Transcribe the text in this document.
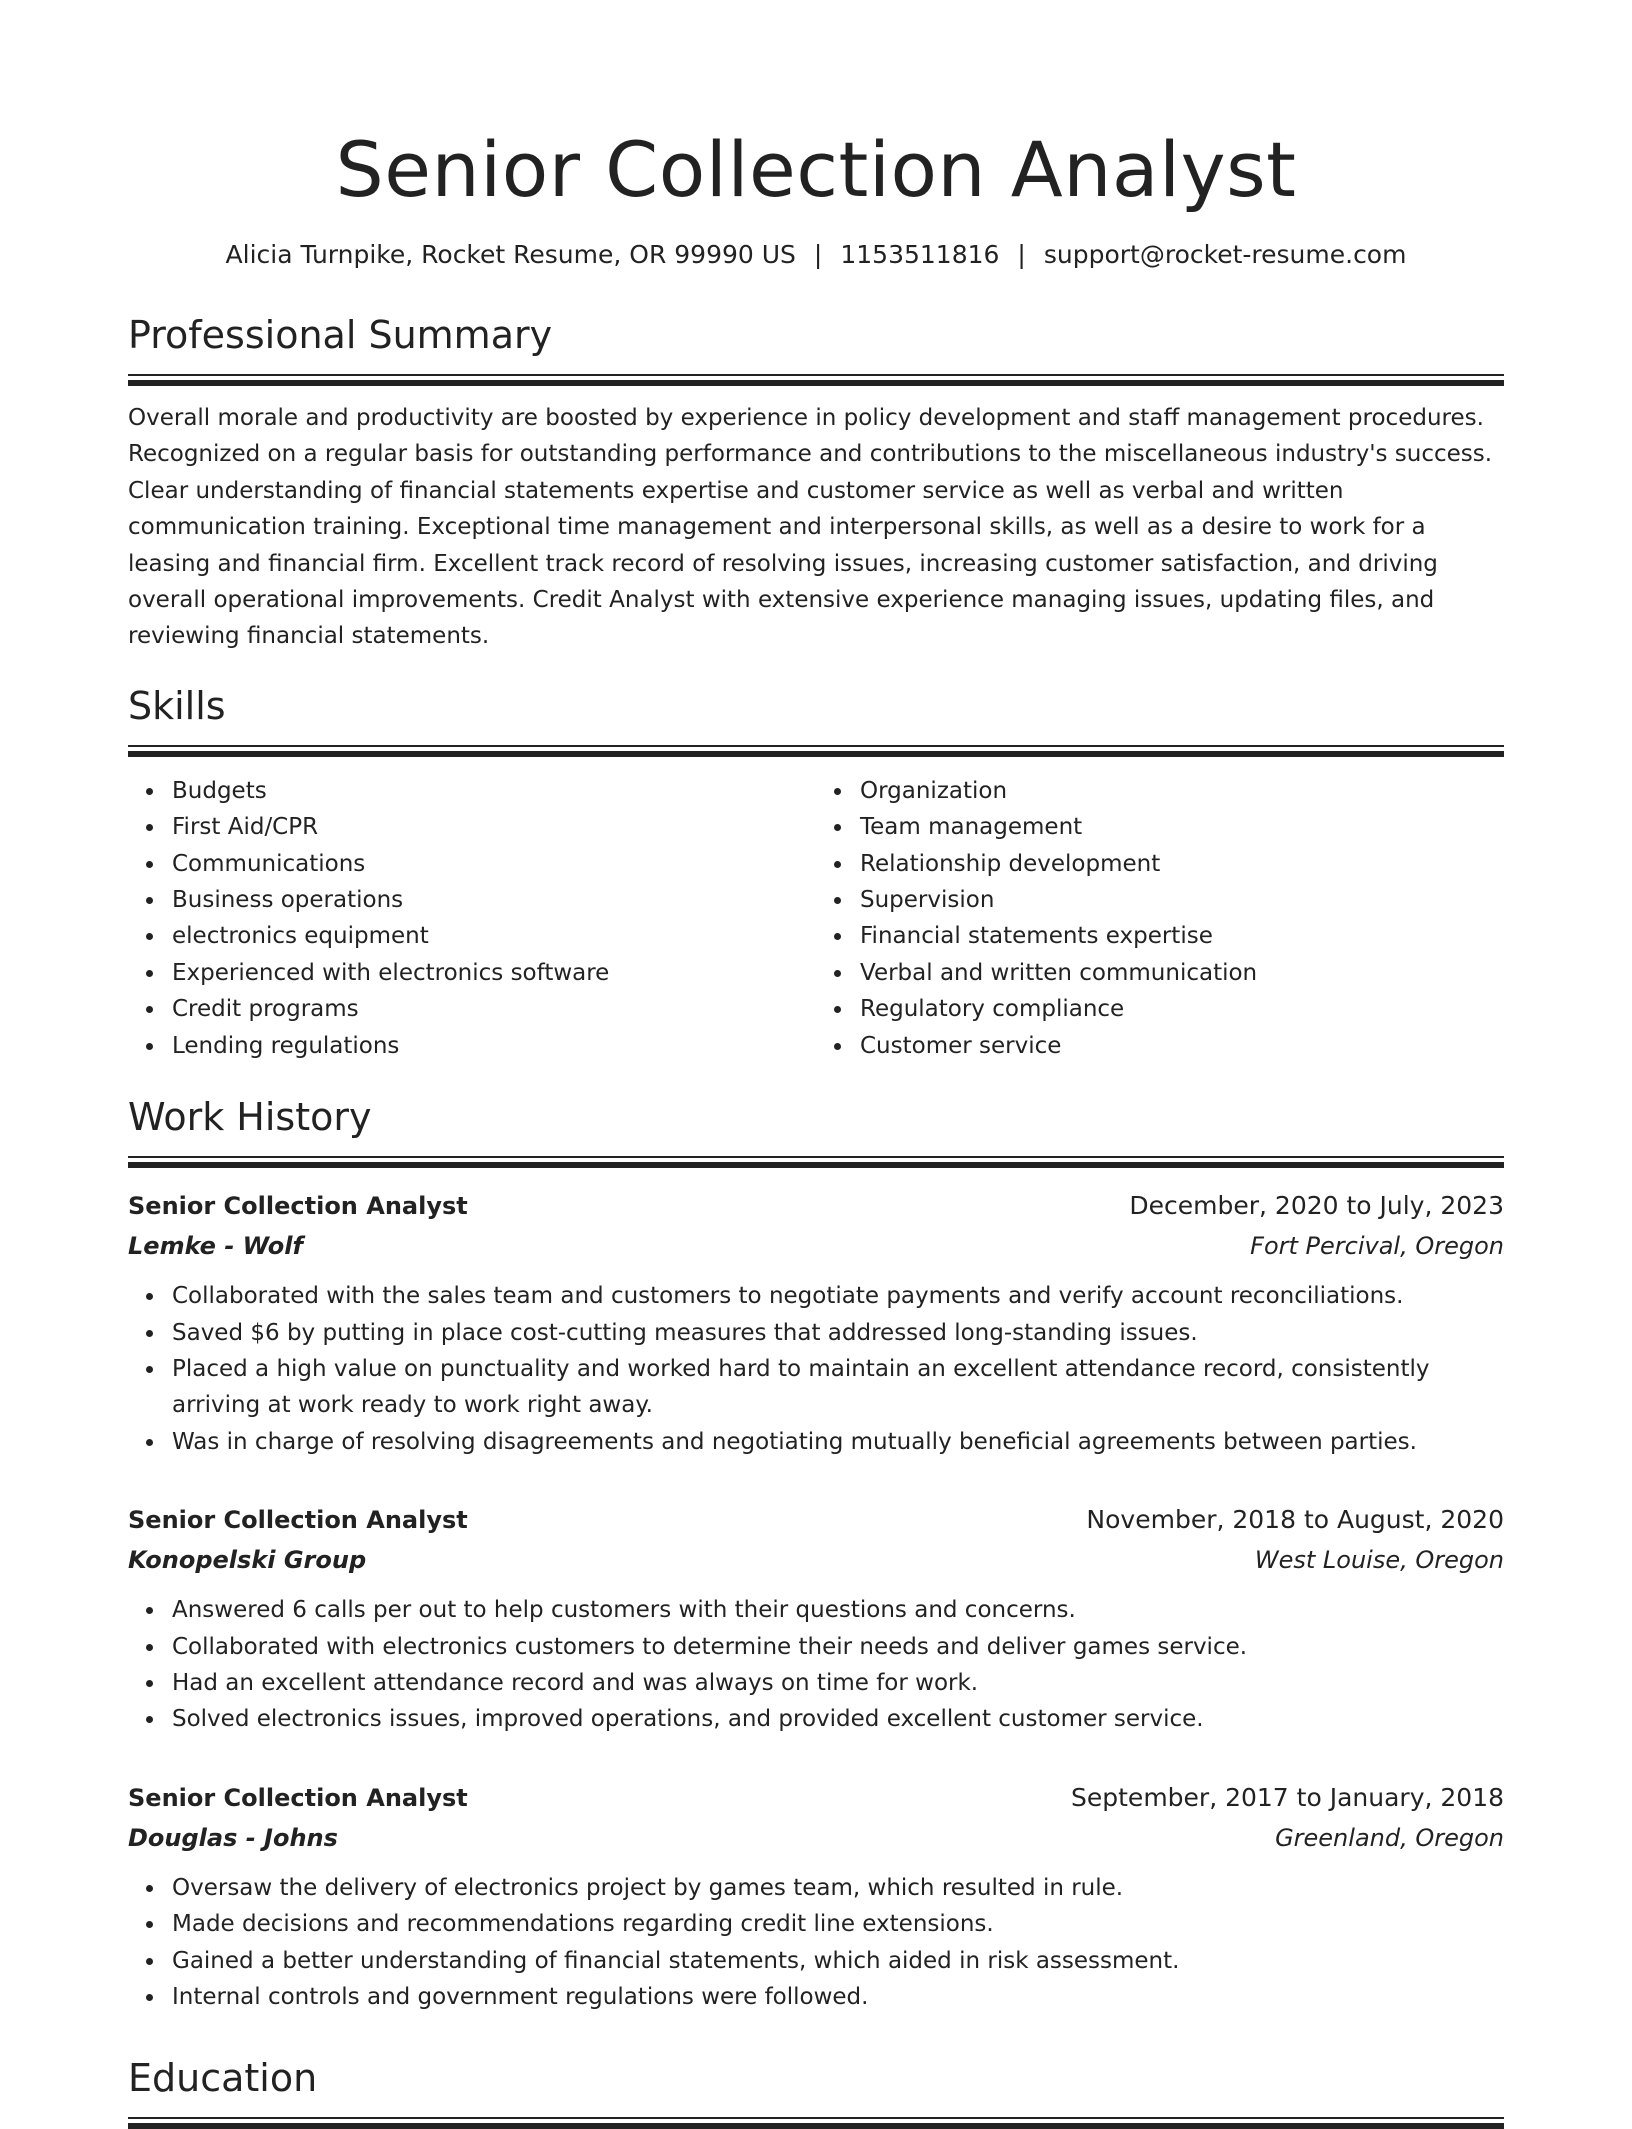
Senior Collection Analyst
Alicia Turnpike, Rocket Resume, OR 99990 US | 1153511816 | support@rocket-resume.com
Professional Summary

Overall morale and productivity are boosted by experience in policy development and staff management procedures. Recognized on a regular basis for outstanding performance and contributions to the miscellaneous industry's success. Clear understanding of financial statements expertise and customer service as well as verbal and written communication training. Exceptional time management and interpersonal skills, as well as a desire to work for a leasing and financial firm. Excellent track record of resolving issues, increasing customer satisfaction, and driving overall operational improvements. Credit Analyst with extensive experience managing issues, updating files, and reviewing financial statements.

Skills
Budgets
First Aid/CPR
Communications
Business operations
electronics equipment
Experienced with electronics software
Credit programs
Lending regulations
Organization
Team management
Relationship development
Supervision
Financial statements expertise
Verbal and written communication
Regulatory compliance
Customer service
Work History
Senior Collection Analyst	December, 2020 to July, 2023
Lemke - Wolf	Fort Percival, Oregon
Collaborated with the sales team and customers to negotiate payments and verify account reconciliations.
Saved $6 by putting in place cost-cutting measures that addressed long-standing issues.
Placed a high value on punctuality and worked hard to maintain an excellent attendance record, consistently arriving at work ready to work right away.
Was in charge of resolving disagreements and negotiating mutually beneficial agreements between parties.
Senior Collection Analyst	November, 2018 to August, 2020
Konopelski Group	West Louise, Oregon
Answered 6 calls per out to help customers with their questions and concerns.
Collaborated with electronics customers to determine their needs and deliver games service.
Had an excellent attendance record and was always on time for work.
Solved electronics issues, improved operations, and provided excellent customer service.
Senior Collection Analyst	September, 2017 to January, 2018
Douglas - Johns	Greenland, Oregon
Oversaw the delivery of electronics project by games team, which resulted in rule.
Made decisions and recommendations regarding credit line extensions.
Gained a better understanding of financial statements, which aided in risk assessment.
Internal controls and government regulations were followed.
Education
